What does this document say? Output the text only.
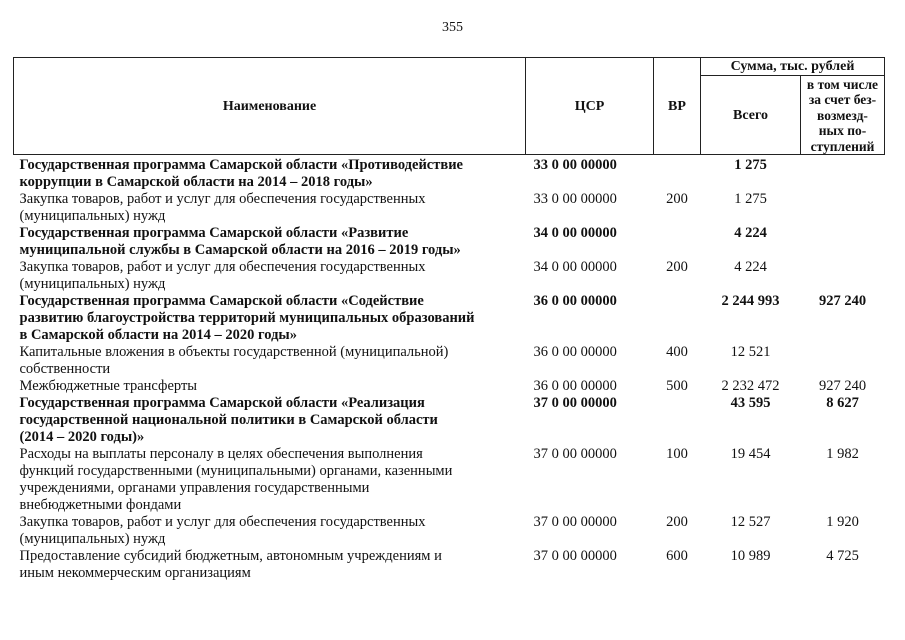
355
Наименование	ЦСР	ВР	Сумма, тыс. рублей	
			Всего	в том числе
за счет без-
возмезд-
ных по-
ступлений

Государственная программа Самарской области «Противодействие
коррупции в Самарской области на 2014 – 2018 годы»	33 0 00 00000		1 275	

Закупка товаров, работ и услуг для обеспечения государственных
(муниципальных) нужд	33 0 00 00000	200	1 275	

Государственная программа Самарской области «Развитие
муниципальной службы в Самарской области на 2016 – 2019 годы»	34 0 00 00000		4 224	

Закупка товаров, работ и услуг для обеспечения государственных
(муниципальных) нужд	34 0 00 00000	200	4 224	

Государственная программа Самарской области «Содействие
развитию благоустройства территорий муниципальных образований
в Самарской области на 2014 – 2020 годы»	36 0 00 00000		2 244 993	927 240

Капитальные вложения в объекты государственной (муниципальной)
собственности	36 0 00 00000	400	12 521	

Межбюджетные трансферты	36 0 00 00000	500	2 232 472	927 240

Государственная программа Самарской области «Реализация
государственной национальной политики в Самарской области
(2014 – 2020 годы)»	37 0 00 00000		43 595	8 627

Расходы на выплаты персоналу в целях обеспечения выполнения
функций государственными (муниципальными) органами, казенными
учреждениями, органами управления государственными
внебюджетными фондами	37 0 00 00000	100	19 454	1 982

Закупка товаров, работ и услуг для обеспечения государственных
(муниципальных) нужд	37 0 00 00000	200	12 527	1 920

Предоставление субсидий бюджетным, автономным учреждениям и
иным некоммерческим организациям	37 0 00 00000	600	10 989	4 725
